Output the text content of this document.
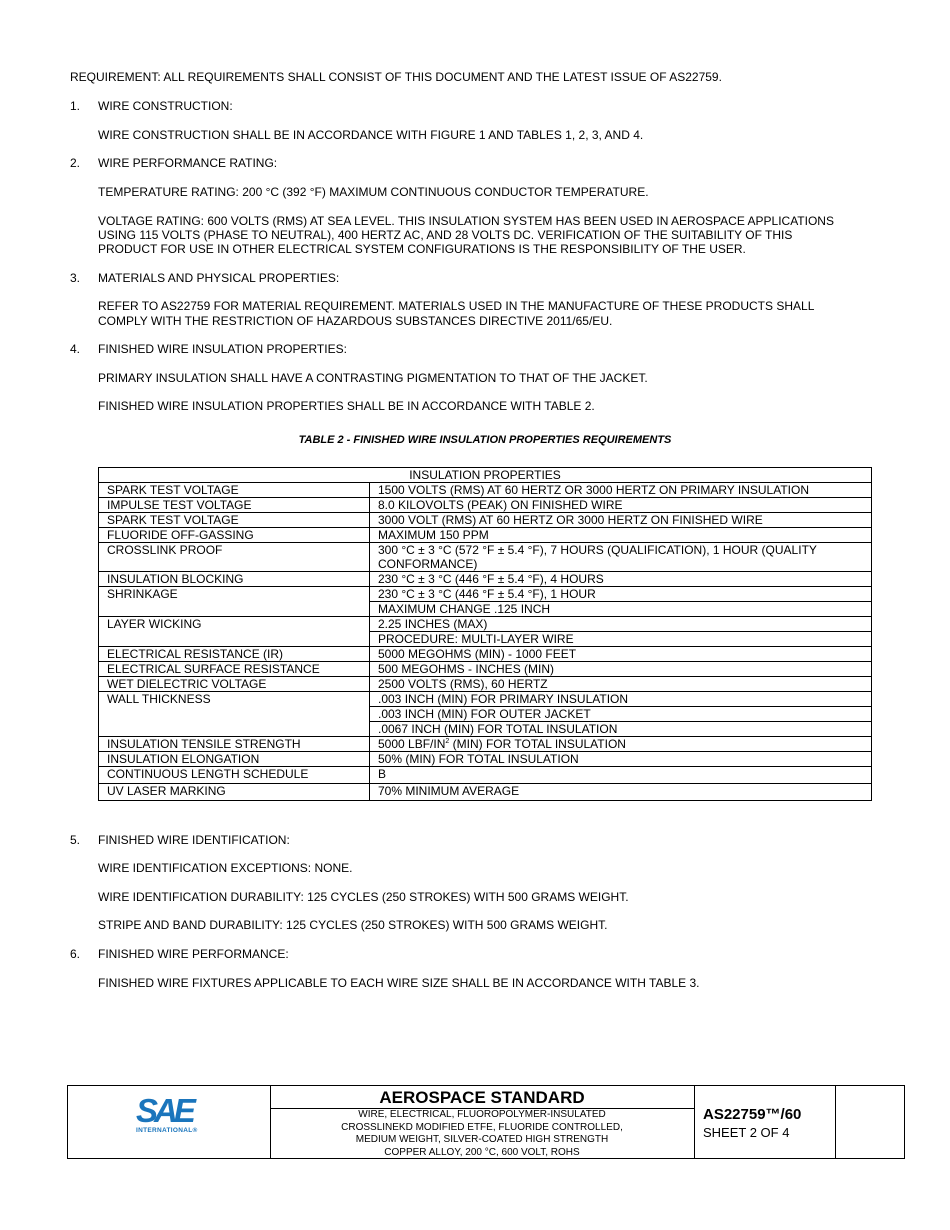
REQUIREMENT: ALL REQUIREMENTS SHALL CONSIST OF THIS DOCUMENT AND THE LATEST ISSUE OF AS22759.
1. WIRE CONSTRUCTION:
WIRE CONSTRUCTION SHALL BE IN ACCORDANCE WITH FIGURE 1 AND TABLES 1, 2, 3, AND 4.
2. WIRE PERFORMANCE RATING:
TEMPERATURE RATING: 200 °C (392 °F) MAXIMUM CONTINUOUS CONDUCTOR TEMPERATURE.
VOLTAGE RATING: 600 VOLTS (RMS) AT SEA LEVEL. THIS INSULATION SYSTEM HAS BEEN USED IN AEROSPACE APPLICATIONS
USING 115 VOLTS (PHASE TO NEUTRAL), 400 HERTZ AC, AND 28 VOLTS DC. VERIFICATION OF THE SUITABILITY OF THIS
PRODUCT FOR USE IN OTHER ELECTRICAL SYSTEM CONFIGURATIONS IS THE RESPONSIBILITY OF THE USER.
3. MATERIALS AND PHYSICAL PROPERTIES:
REFER TO AS22759 FOR MATERIAL REQUIREMENT. MATERIALS USED IN THE MANUFACTURE OF THESE PRODUCTS SHALL
COMPLY WITH THE RESTRICTION OF HAZARDOUS SUBSTANCES DIRECTIVE 2011/65/EU.
4. FINISHED WIRE INSULATION PROPERTIES:
PRIMARY INSULATION SHALL HAVE A CONTRASTING PIGMENTATION TO THAT OF THE JACKET.
FINISHED WIRE INSULATION PROPERTIES SHALL BE IN ACCORDANCE WITH TABLE 2.
TABLE 2 - FINISHED WIRE INSULATION PROPERTIES REQUIREMENTS
INSULATION PROPERTIES	
SPARK TEST VOLTAGE	1500 VOLTS (RMS) AT 60 HERTZ OR 3000 HERTZ ON PRIMARY INSULATION
IMPULSE TEST VOLTAGE	8.0 KILOVOLTS (PEAK) ON FINISHED WIRE
SPARK TEST VOLTAGE	3000 VOLT (RMS) AT 60 HERTZ OR 3000 HERTZ ON FINISHED WIRE
FLUORIDE OFF-GASSING	MAXIMUM 150 PPM
CROSSLINK PROOF	300 °C ± 3 °C (572 °F ± 5.4 °F), 7 HOURS (QUALIFICATION), 1 HOUR (QUALITY CONFORMANCE)
INSULATION BLOCKING	230 °C ± 3 °C (446 °F ± 5.4 °F), 4 HOURS
SHRINKAGE	230 °C ± 3 °C (446 °F ± 5.4 °F), 1 HOUR
	MAXIMUM CHANGE .125 INCH
LAYER WICKING	2.25 INCHES (MAX)
	PROCEDURE: MULTI-LAYER WIRE
ELECTRICAL RESISTANCE (IR)	5000 MEGOHMS (MIN) - 1000 FEET
ELECTRICAL SURFACE RESISTANCE	500 MEGOHMS - INCHES (MIN)
WET DIELECTRIC VOLTAGE	2500 VOLTS (RMS), 60 HERTZ
WALL THICKNESS	.003 INCH (MIN) FOR PRIMARY INSULATION
	.003 INCH (MIN) FOR OUTER JACKET
	.0067 INCH (MIN) FOR TOTAL INSULATION
INSULATION TENSILE STRENGTH	5000 LBF/$IN^2$ (MIN) FOR TOTAL INSULATION
INSULATION ELONGATION	50% (MIN) FOR TOTAL INSULATION
CONTINUOUS LENGTH SCHEDULE	B
UV LASER MARKING	70% MINIMUM AVERAGE
5. FINISHED WIRE IDENTIFICATION:
WIRE IDENTIFICATION EXCEPTIONS: NONE.
WIRE IDENTIFICATION DURABILITY: 125 CYCLES (250 STROKES) WITH 500 GRAMS WEIGHT.
STRIPE AND BAND DURABILITY: 125 CYCLES (250 STROKES) WITH 500 GRAMS WEIGHT.
6. FINISHED WIRE PERFORMANCE:
FINISHED WIRE FIXTURES APPLICABLE TO EACH WIRE SIZE SHALL BE IN ACCORDANCE WITH TABLE 3.
SAE
INTERNATIONAL®
AEROSPACE STANDARD
WIRE, ELECTRICAL, FLUOROPOLYMER-INSULATED
CROSSLINEKD MODIFIED ETFE, FLUORIDE CONTROLLED,
MEDIUM WEIGHT, SILVER-COATED HIGH STRENGTH
COPPER ALLOY, 200 °C, 600 VOLT, ROHS
AS22759™/60
SHEET 2 OF 4
